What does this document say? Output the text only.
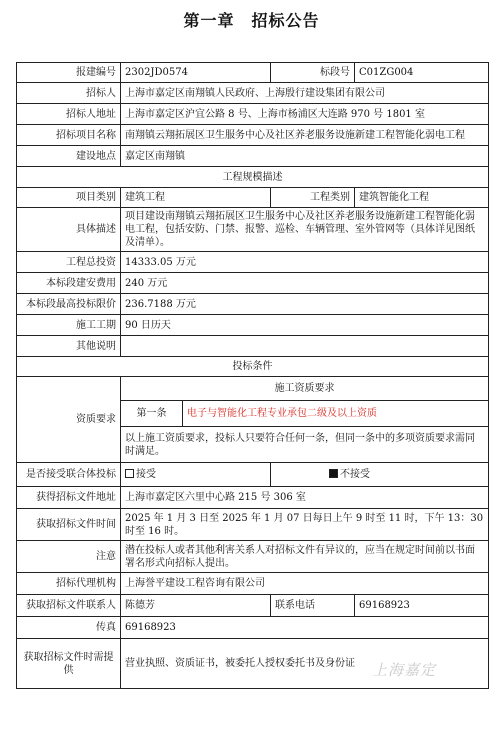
第一章　招标公告
报建编号	2302JD0574		标段号	C01ZG004
招标人	上海市嘉定区南翔镇人民政府、上海殷行建设集团有限公司			
招标人地址	上海市嘉定区沪宜公路 8 号、上海市杨浦区大连路 970 号 1801 室			
招标项目名称	南翔镇云翔拓展区卫生服务中心及社区养老服务设施新建工程智能化弱电工程			
建设地点	嘉定区南翔镇			
工程规模描述				
项目类别	建筑工程		工程类别	建筑智能化工程
具体描述	项目建设南翔镇云翔拓展区卫生服务中心及社区养老服务设施新建工程智能化弱电工程，包括安防、门禁、报警、巡检、车辆管理、室外管网等（具体详见图纸及清单）。			
工程总投资	14333.05 万元			
本标段建安费用	240 万元			
本标段最高投标限价	236.7188 万元			
施工工期	90 日历天			
其他说明				
投标条件				
资质要求	施工资质要求			
	第一条	电子与智能化工程专业承包二级及以上资质		
	以上施工资质要求，投标人只要符合任何一条，但同一条中的多项资质要求需同时满足。			
是否接受联合体投标	接受		不接受	
获得招标文件地址	上海市嘉定区六里中心路 215 号 306 室			
获取招标文件时间	2025 年 1 月 3 日至 2025 年 1 月 07 日每日上午 9 时至 11 时，下午 13：30 时至 16 时。			
注意	潜在投标人或者其他利害关系人对招标文件有异议的，应当在规定时间前以书面署名形式向招标人提出。			
招标代理机构	上海誉平建设工程咨询有限公司			
获取招标文件联系人	陈德芳		联系电话	69168923
传真	69168923			
获取招标文件时需提供	营业执照、资质证书，被委托人授权委托书及身份证			上海嘉定
